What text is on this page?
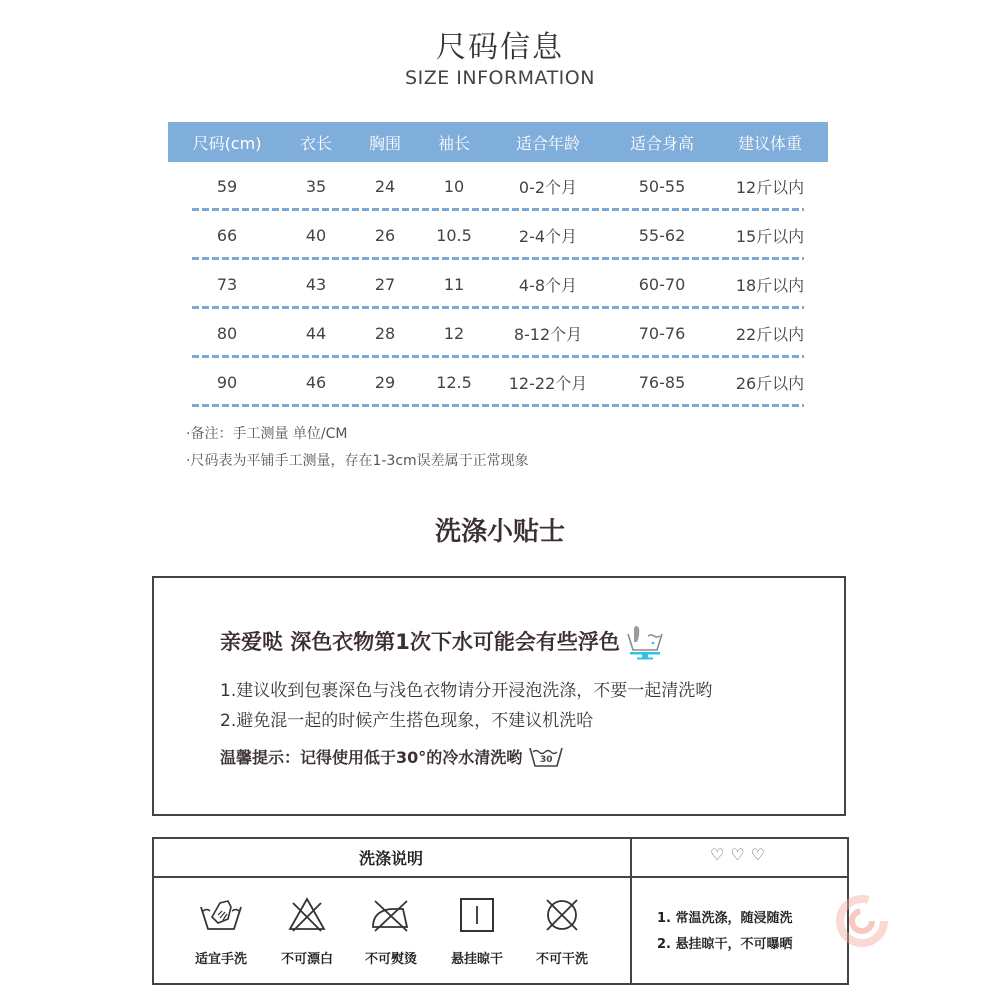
尺码信息
SIZE INFORMATION
尺码(cm)	衣长	胸围	袖长	适合年龄	适合身高	建议体重
59	35	24	10	0-2个月	50-55	12斤以内
66	40	26	10.5	2-4个月	55-62	15斤以内
73	43	27	11	4-8个月	60-70	18斤以内
80	44	28	12	8-12个月	70-76	22斤以内
90	46	29	12.5	12-22个月	76-85	26斤以内
·备注：手工测量 单位/CM
·尺码表为平铺手工测量，存在1-3cm误差属于正常现象
洗涤小贴士
亲爱哒 深色衣物第1次下水可能会有些浮色
1.建议收到包裹深色与浅色衣物请分开浸泡洗涤，不要一起清洗哟
2.避免混一起的时候产生搭色现象，不建议机洗哈
温馨提示：记得使用低于30°的冷水清洗哟	30
洗涤说明	♡♡♡
适宜手洗	不可漂白	不可熨烫	悬挂晾干	不可干洗
1. 常温洗涤，随浸随洗
2. 悬挂晾干，不可曝晒
